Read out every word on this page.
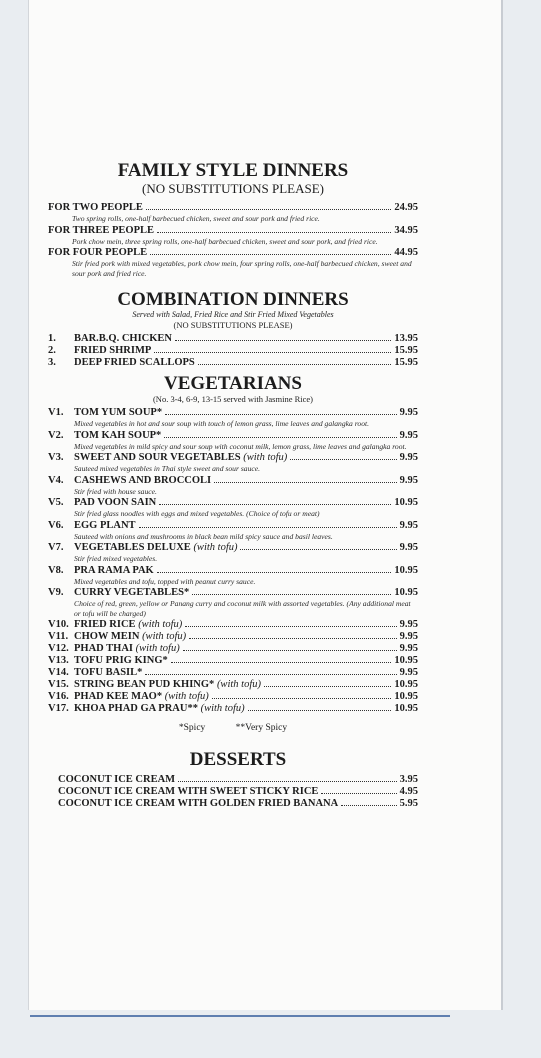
FAMILY STYLE DINNERS

(NO SUBSTITUTIONS PLEASE)

FOR TWO PEOPLE	24.95

Two spring rolls, one-half barbecued chicken, sweet and sour pork and fried rice.

FOR THREE PEOPLE	34.95

Pork chow mein, three spring rolls, one-half barbecued chicken, sweet and sour pork, and fried rice.

FOR FOUR PEOPLE	44.95

Stir fried pork with mixed vegetables, pork chow mein, four spring rolls, one-half barbecued chicken, sweet and sour pork and fried rice.

COMBINATION DINNERS

Served with Salad, Fried Rice and Stir Fried Mixed Vegetables

(NO SUBSTITUTIONS PLEASE)

1.	BAR.B.Q. CHICKEN	13.95
2.	FRIED SHRIMP	15.95
3.	DEEP FRIED SCALLOPS	15.95

VEGETARIANS

(No. 3-4, 6-9, 13-15 served with Jasmine Rice)

V1.	TOM YUM SOUP*	9.95

Mixed vegetables in hot and sour soup with touch of lemon grass, lime leaves and galangka root.

V2.	TOM KAH SOUP*	9.95

Mixed vegetables in mild spicy and sour soup with coconut milk, lemon grass, lime leaves and galangka root.

V3.	SWEET AND SOUR VEGETABLES (with tofu)	9.95

Sauteed mixed vegetables in Thai style sweet and sour sauce.

V4.	CASHEWS AND BROCCOLI	9.95

Stir fried with house sauce.

V5.	PAD VOON SAIN	10.95

Stir fried glass noodles with eggs and mixed vegetables. (Choice of tofu or meat)

V6.	EGG PLANT	9.95

Sauteed with onions and mushrooms in black bean mild spicy sauce and basil leaves.

V7.	VEGETABLES DELUXE (with tofu)	9.95

Stir fried mixed vegetables.

V8.	PRA RAMA PAK	10.95

Mixed vegetables and tofu, topped with peanut curry sauce.

V9.	CURRY VEGETABLES*	10.95

Choice of red, green, yellow or Panang curry and coconut milk with assorted vegetables. (Any additional meat or tofu will be charged)

V10. FRIED RICE (with tofu)	9.95
V11. CHOW MEIN (with tofu)	9.95
V12. PHAD THAI (with tofu)	9.95
V13. TOFU PRIG KING*	10.95
V14. TOFU BASIL*	9.95
V15. STRING BEAN PUD KHING* (with tofu)	10.95
V16. PHAD KEE MAO* (with tofu)	10.95
V17. KHOA PHAD GA PRAU** (with tofu)	10.95

*Spicy	**Very Spicy

DESSERTS

COCONUT ICE CREAM	3.95
COCONUT ICE CREAM WITH SWEET STICKY RICE	4.95
COCONUT ICE CREAM WITH GOLDEN FRIED BANANA	5.95
